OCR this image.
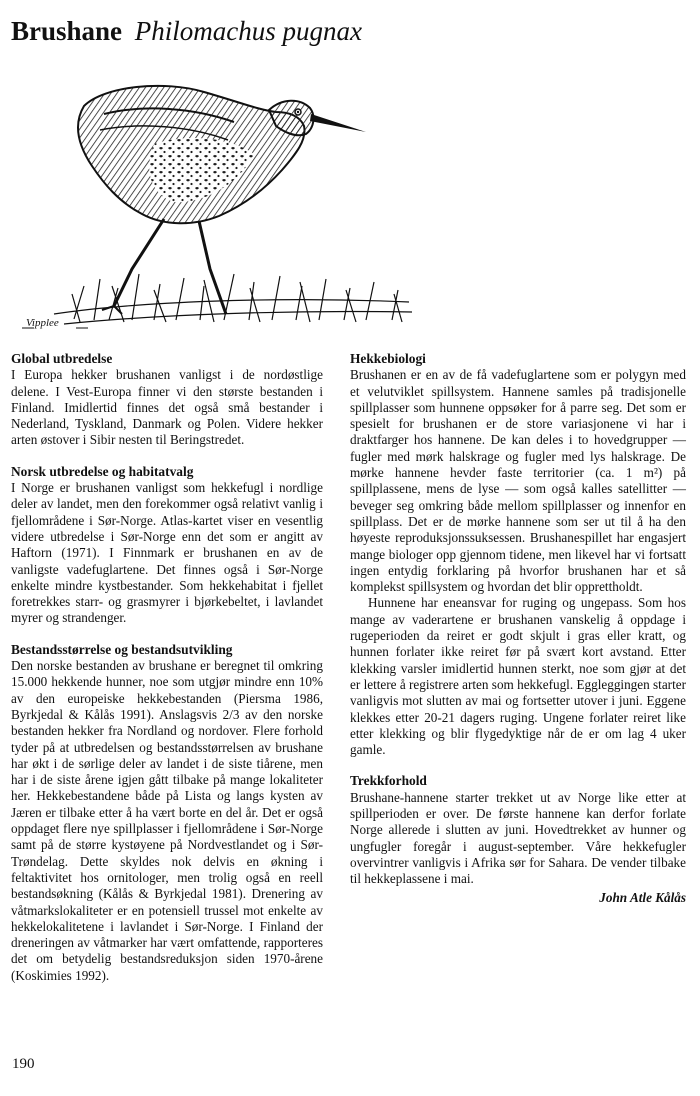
Brushane Philomachus pugnax
Vipplee
Global utbredelse

I Europa hekker brushanen vanligst i de nordøstlige delene. I Vest-Europa finner vi den største bestanden i Finland. Imidlertid finnes det også små bestander i Nederland, Tyskland, Danmark og Polen. Videre hekker arten østover i Sibir nesten til Beringstredet.

Norsk utbredelse og habitatvalg

I Norge er brushanen vanligst som hekkefugl i nordlige deler av landet, men den forekommer også relativt vanlig i fjellområdene i Sør-Norge. Atlas-kartet viser en vesentlig videre utbredelse i Sør-Norge enn det som er angitt av Haftorn (1971). I Finnmark er brushanen en av de vanligste vadefuglartene. Det finnes også i Sør-Norge enkelte mindre kystbestander. Som hekkehabitat i fjellet foretrekkes starr- og grasmyrer i bjørkebeltet, i lavlandet myrer og strandenger.

Bestandsstørrelse og bestandsutvikling

Den norske bestanden av brushane er beregnet til omkring 15.000 hekkende hunner, noe som utgjør mindre enn 10% av den europeiske hekkebestanden (Piersma 1986, Byrkjedal & Kålås 1991). Anslagsvis 2/3 av den norske bestanden hekker fra Nordland og nordover. Flere forhold tyder på at utbredelsen og bestandsstørrelsen av brushane har økt i de sørlige deler av landet i de siste tiårene, men har i de siste årene igjen gått tilbake på mange lokaliteter her. Hekkebestandene både på Lista og langs kysten av Jæren er tilbake etter å ha vært borte en del år. Det er også oppdaget flere nye spillplasser i fjellområdene i Sør-Norge samt på de større kystøyene på Nordvestlandet og i Sør-Trøndelag. Dette skyldes nok delvis en økning i feltaktivitet hos ornitologer, men trolig også en reell bestandsøkning (Kålås & Byrkjedal 1981). Drenering av våtmarkslokaliteter er en potensiell trussel mot enkelte av hekkelokalitetene i lavlandet i Sør-Norge. I Finland der dreneringen av våtmarker har vært omfattende, rapporteres det om betydelig bestandsreduksjon siden 1970-årene (Koskimies 1992).

Hekkebiologi

Brushanen er en av de få vadefuglartene som er polygyn med et velutviklet spillsystem. Hannene samles på tradisjonelle spillplasser som hunnene oppsøker for å parre seg. Det som er spesielt for brushanen er de store variasjonene vi har i draktfarger hos hannene. De kan deles i to hovedgrupper — fugler med mørk halskrage og fugler med lys halskrage. De mørke hannene hevder faste territorier (ca. 1 m²) på spillplassene, mens de lyse — som også kalles satellitter — beveger seg omkring både mellom spillplasser og innenfor en spillplass. Det er de mørke hannene som ser ut til å ha den høyeste reproduksjonssuksessen. Brushanespillet har engasjert mange biologer opp gjennom tidene, men likevel har vi fortsatt ingen entydig forklaring på hvorfor brushanen har et så komplekst spillsystem og hvordan det blir opprettholdt.

Hunnene har eneansvar for ruging og ungepass. Som hos mange av vaderartene er brushanen vanskelig å oppdage i rugeperioden da reiret er godt skjult i gras eller kratt, og hunnen forlater ikke reiret før på svært kort avstand. Etter klekking varsler imidlertid hunnen sterkt, noe som gjør at det er lettere å registrere arten som hekkefugl. Eggleggingen starter vanligvis mot slutten av mai og fortsetter utover i juni. Eggene klekkes etter 20-21 dagers ruging. Ungene forlater reiret like etter klekking og blir flygedyktige når de er om lag 4 uker gamle.

Trekkforhold

Brushane-hannene starter trekket ut av Norge like etter at spillperioden er over. De første hannene kan derfor forlate Norge allerede i slutten av juni. Hovedtrekket av hunner og ungfugler foregår i august-september. Våre hekkefugler overvintrer vanligvis i Afrika sør for Sahara. De vender tilbake til hekkeplassene i mai.

John Atle Kålås
190
